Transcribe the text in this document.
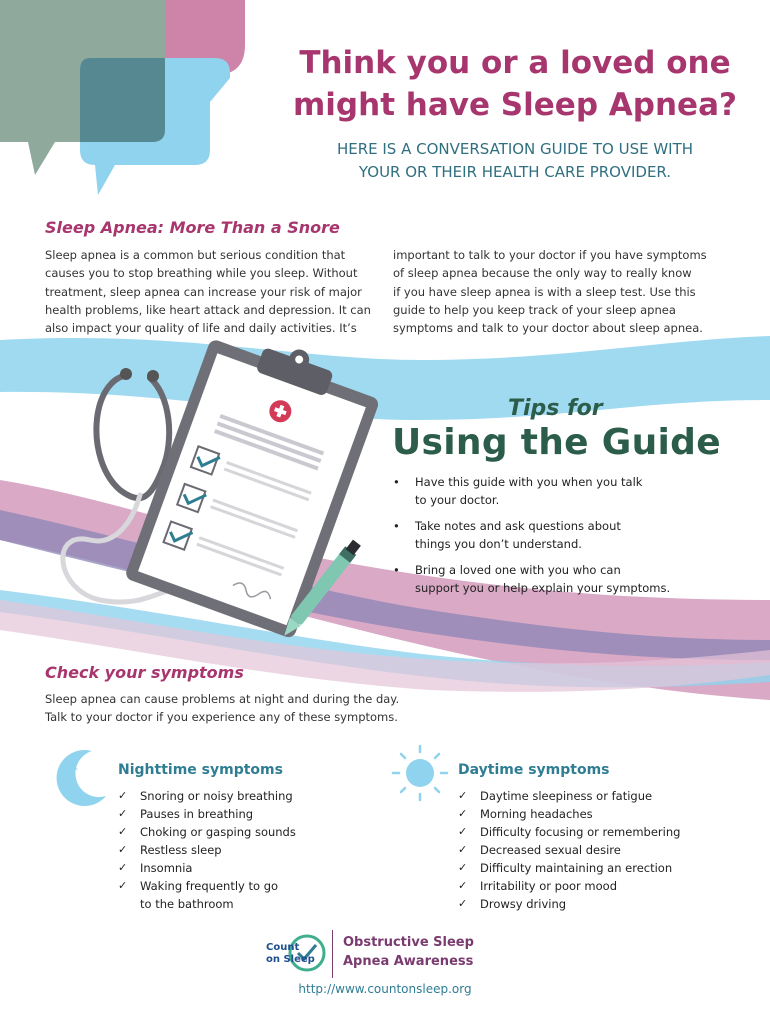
Think you or a loved one
might have Sleep Apnea?
HERE IS A CONVERSATION GUIDE TO USE WITH
YOUR OR THEIR HEALTH CARE PROVIDER.
Sleep Apnea: More Than a Snore
Sleep apnea is a common but serious condition that
causes you to stop breathing while you sleep. Without
treatment, sleep apnea can increase your risk of major
health problems, like heart attack and depression. It can
also impact your quality of life and daily activities. It’s
important to talk to your doctor if you have symptoms
of sleep apnea because the only way to really know
if you have sleep apnea is with a sleep test. Use this
guide to help you keep track of your sleep apnea
symptoms and talk to your doctor about sleep apnea.
Tips for
Using the Guide
• Have this guide with you when you talk
to your doctor.
• Take notes and ask questions about
things you don’t understand.
• Bring a loved one with you who can
support you or help explain your symptoms.
Check your symptoms
Sleep apnea can cause problems at night and during the day.
Talk to your doctor if you experience any of these symptoms.
Nighttime symptoms
✓ Snoring or noisy breathing
✓ Pauses in breathing
✓ Choking or gasping sounds
✓ Restless sleep
✓ Insomnia
✓ Waking frequently to go
to the bathroom
Daytime symptoms
✓ Daytime sleepiness or fatigue
✓ Morning headaches
✓ Difficulty focusing or remembering
✓ Decreased sexual desire
✓ Difficulty maintaining an erection
✓ Irritability or poor mood
✓ Drowsy driving
Count
on Sleep
Obstructive Sleep
Apnea Awareness
http://www.countonsleep.org
